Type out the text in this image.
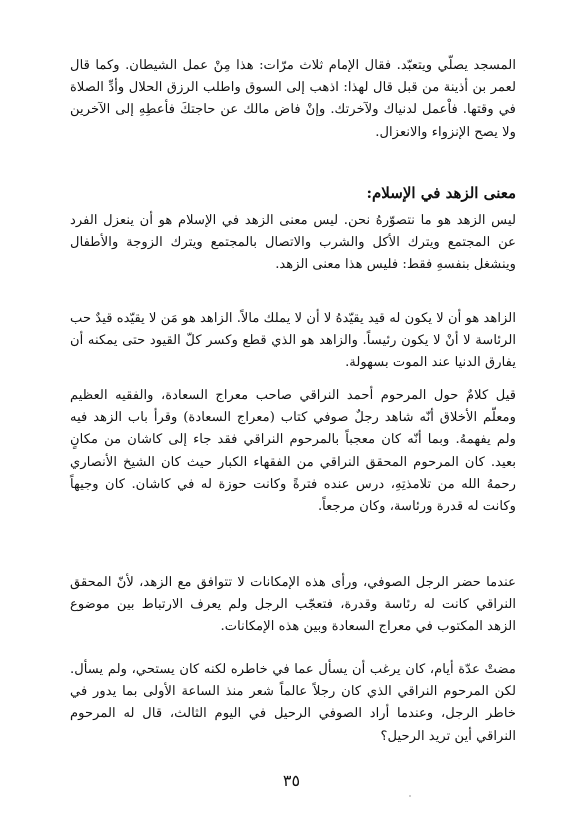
المسجد يصلّي ويتعبّد. فقال الإمام ثلاث مرّات: هذا مِنْ عمل الشيطان. وكما قال لعمر بن أذينة من قبل قال لهذا: اذهب إلى السوق واطلب الرزق الحلال وأدِّ الصلاة في وقتها. فاْعمل لدنياك ولآخرتك. وإنْ فاض مالك عن حاجتكَ فأعطِهِ إلى الآخرين ولا يصح الإنزواء والانعزال.

معنى الزهد في الإسلام:

ليس الزهد هو ما نتصوّرهُ نحن. ليس معنى الزهد في الإسلام هو أن ينعزل الفرد عن المجتمع ويترك الأكل والشرب والاتصال بالمجتمع ويترك الزوجة والأطفال وينشغل بنفسهِ فقط: فليس هذا معنى الزهد.

الزاهد هو أن لا يكون له قيد يقيّدهُ لا أن لا يملك مالاً. الزاهد هو مَن لا يقيّده قيدٌ حب الرئاسة لا أنْ لا يكون رئيساً. والزاهد هو الذي قطع وكسر كلّ القيود حتى يمكنه أن يفارق الدنيا عند الموت بسهولة.

قيل كلامٌ حول المرحوم أحمد النراقي صاحب معراج السعادة، والفقيه العظيم ومعلّم الأخلاق أنّه شاهد رجلٌ صوفي كتاب (معراج السعادة) وقرأ باب الزهد فيه ولم يفهمهُ. وبما أنّه كان معجباً بالمرحوم النراقي فقد جاء إلى كاشان من مكانٍ بعيد. كان المرحوم المحقق النراقي من الفقهاء الكبار حيث كان الشيخ الأنصاري رحمهُ الله من تلامذتِهِ، درس عنده فترةً وكانت حوزة له في كاشان. كان وجيهاً وكانت له قدرة ورئاسة، وكان مرجعاً.

عندما حضر الرجل الصوفي، ورأى هذه الإمكانات لا تتوافق مع الزهد، لأنّ المحقق النراقي كانت له رئاسة وقدرة، فتعجّب الرجل ولم يعرف الارتباط بين موضوع الزهد المكتوب في معراج السعادة وبين هذه الإمكانات.

مضتْ عدّة أيام، كان يرغب أن يسأل عما في خاطره لكنه كان يستحي، ولم يسأل. لكن المرحوم النراقي الذي كان رجلاً عالماً شعر منذ الساعة الأولى بما يدور في خاطر الرجل، وعندما أراد الصوفي الرحيل في اليوم الثالث، قال له المرحوم النراقي أين تريد الرحيل؟

٣٥
